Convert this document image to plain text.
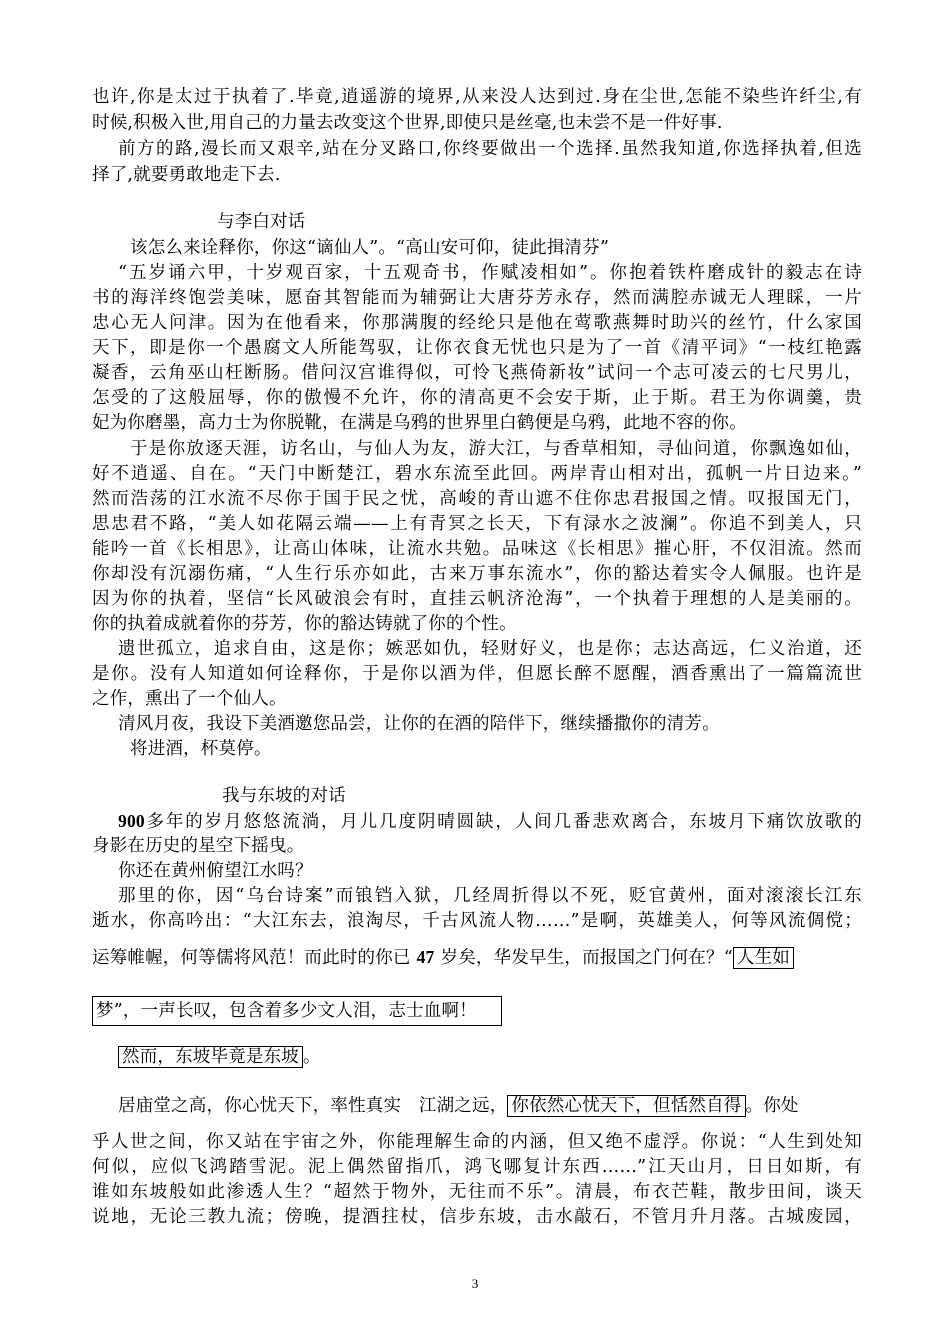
也许,你是太过于执着了.毕竟,逍遥游的境界,从来没人达到过.身在尘世,怎能不染些许纤尘,有
时候,积极入世,用自己的力量去改变这个世界,即使只是丝毫,也未尝不是一件好事.
前方的路,漫长而又艰辛,站在分叉路口,你终要做出一个选择.虽然我知道,你选择执着,但选
择了,就要勇敢地走下去.
与李白对话
该怎么来诠释你，你这“谪仙人”。“高山安可仰，徒此揖清芬”
“五岁诵六甲，十岁观百家，十五观奇书，作赋凌相如”。你抱着铁杵磨成针的毅志在诗
书的海洋终饱尝美味，愿奋其智能而为辅弼让大唐芬芳永存，然而满腔赤诚无人理睬，一片
忠心无人问津。因为在他看来，你那满腹的经纶只是他在莺歌燕舞时助兴的丝竹，什么家国
天下，即是你一个愚腐文人所能驾驭，让你衣食无忧也只是为了一首《清平词》“一枝红艳露
凝香，云角巫山枉断肠。借问汉宫谁得似，可怜飞燕倚新妆”试问一个志可凌云的七尺男儿，
怎受的了这般屈辱，你的傲慢不允许，你的清高更不会安于斯，止于斯。君王为你调羹，贵
妃为你磨墨，高力士为你脱靴，在满是乌鸦的世界里白鹤便是乌鸦，此地不容的你。
于是你放逐天涯，访名山，与仙人为友，游大江，与香草相知，寻仙问道，你飘逸如仙，
好不逍遥、自在。“天门中断楚江，碧水东流至此回。两岸青山相对出，孤帆一片日边来。”
然而浩荡的江水流不尽你于国于民之忧，高峻的青山遮不住你忠君报国之情。叹报国无门，
思忠君不路，“美人如花隔云端——上有青冥之长天，下有渌水之波澜”。你追不到美人，只
能吟一首《长相思》，让高山体味，让流水共勉。品味这《长相思》摧心肝，不仅泪流。然而
你却没有沉溺伤痛，“人生行乐亦如此，古来万事东流水”，你的豁达着实令人佩服。也许是
因为你的执着，坚信“长风破浪会有时，直挂云帆济沧海”，一个执着于理想的人是美丽的。
你的执着成就着你的芬芳，你的豁达铸就了你的个性。
遗世孤立，追求自由，这是你；嫉恶如仇，轻财好义，也是你；志达高远，仁义治道，还
是你。没有人知道如何诠释你，于是你以酒为伴，但愿长醉不愿醒，酒香熏出了一篇篇流世
之作，熏出了一个仙人。
清风月夜，我设下美酒邀您品尝，让你的在酒的陪伴下，继续播撒你的清芳。
将进酒，杯莫停。
我与东坡的对话
900多年的岁月悠悠流淌，月儿几度阴晴圆缺，人间几番悲欢离合，东坡月下痛饮放歌的
身影在历史的星空下摇曳。
你还在黄州俯望江水吗？
那里的你，因“乌台诗案”而锒铛入狱，几经周折得以不死，贬官黄州，面对滚滚长江东
逝水，你高吟出：“大江东去，浪淘尽，千古风流人物……”是啊，英雄美人，何等风流倜傥；
运筹帷幄，何等儒将风范！而此时的你已 47 岁矣，华发早生，而报国之门何在？“ 人生如
梦”，一声长叹，包含着多少文人泪，志士血啊！
然而，东坡毕竟是东坡 。
居庙堂之高，你心忧天下，率性真实　江湖之远， 你依然心忧天下，但恬然自得 。你处
乎人世之间，你又站在宇宙之外，你能理解生命的内涵，但又绝不虚浮。你说：“人生到处知
何似，应似飞鸿踏雪泥。泥上偶然留指爪，鸿飞哪复计东西……”江天山月，日日如斯，有
谁如东坡般如此渗透人生？“超然于物外，无往而不乐”。清晨，布衣芒鞋，散步田间，谈天
说地，无论三教九流；傍晚，提酒拄杖，信步东坡，击水敲石，不管月升月落。古城废园，
3
